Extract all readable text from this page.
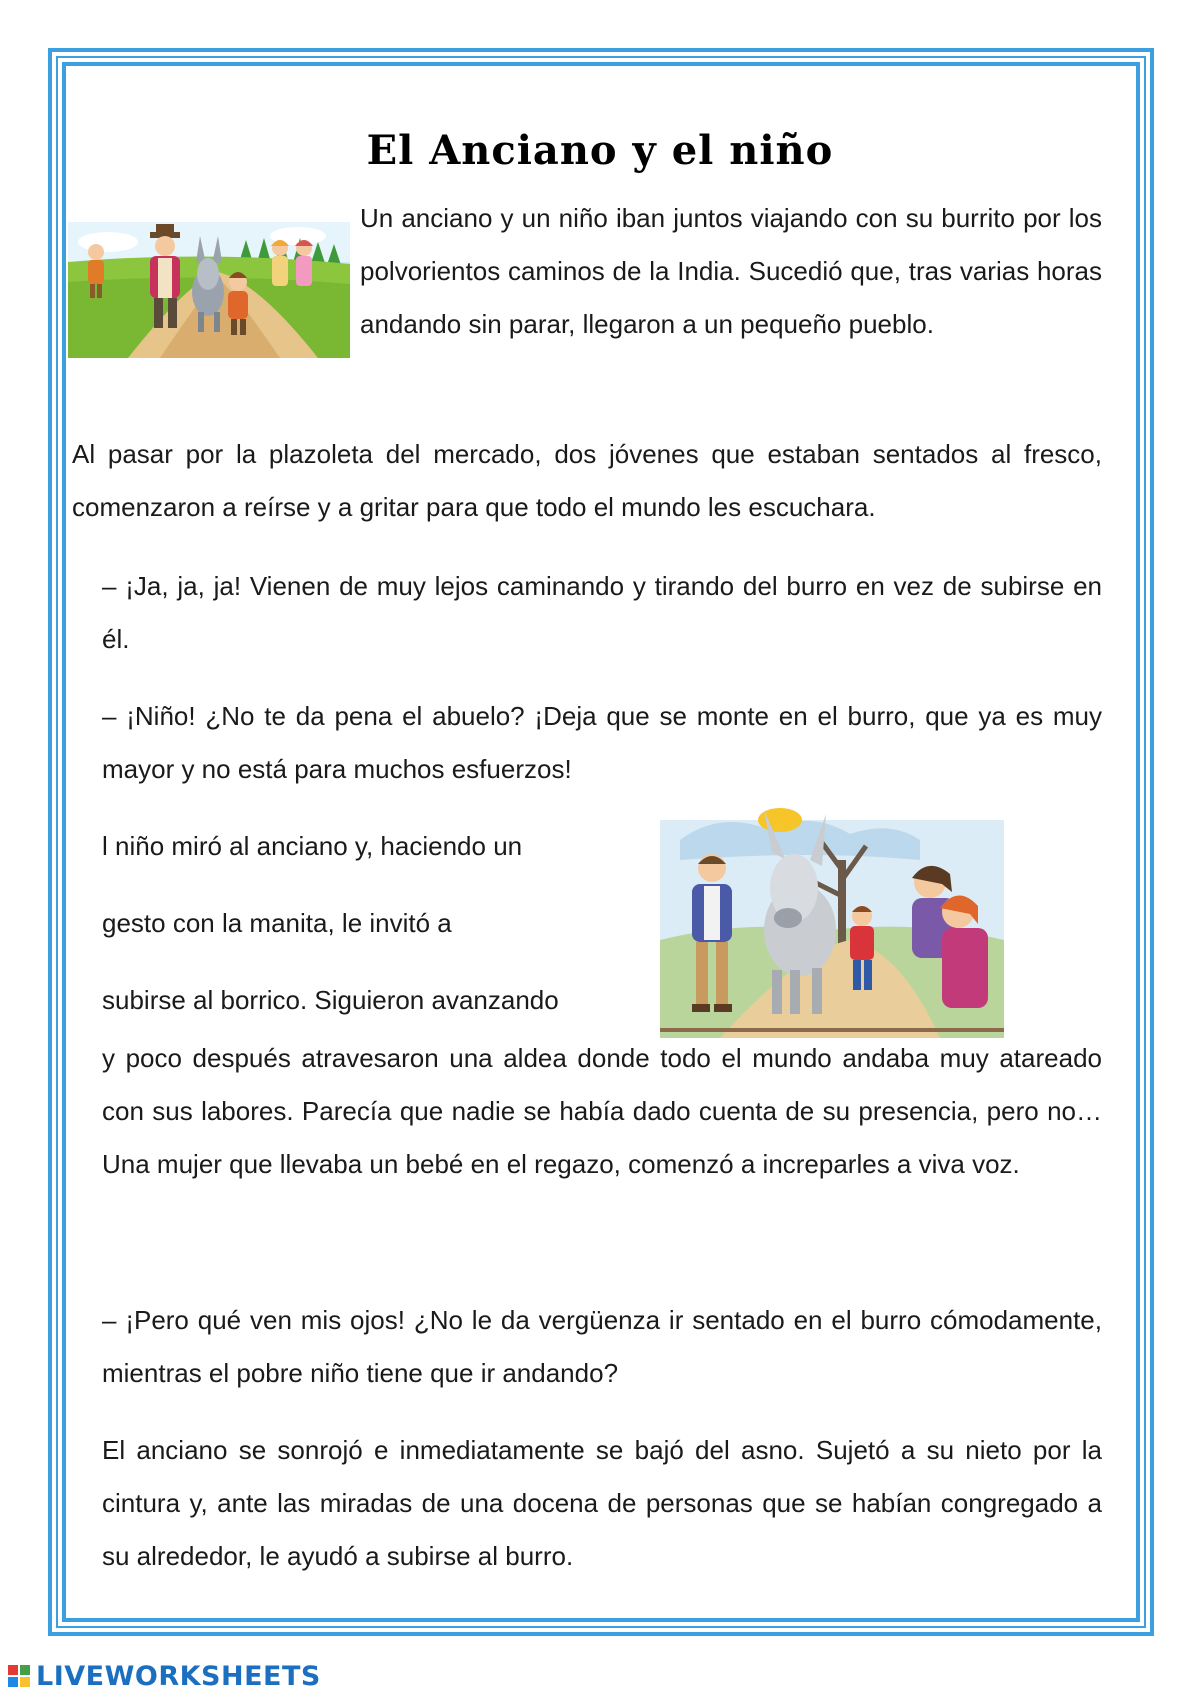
El Anciano y el niño

Un anciano y un niño iban juntos viajando con su burrito por los polvorientos caminos de la India. Sucedió que, tras varias horas andando sin parar, llegaron a un pequeño pueblo.

Al pasar por la plazoleta del mercado, dos jóvenes que estaban sentados al fresco, comenzaron a reírse y a gritar para que todo el mundo les escuchara.

– ¡Ja, ja, ja! Vienen de muy lejos caminando y tirando del burro en vez de subirse en él.

– ¡Niño! ¿No te da pena el abuelo? ¡Deja que se monte en el burro, que ya es muy mayor y no está para muchos esfuerzos!

l niño miró al anciano y, haciendo un

gesto con la manita, le invitó a

subirse al borrico. Siguieron avanzando

y poco después atravesaron una aldea donde todo el mundo andaba muy atareado con sus labores. Parecía que nadie se había dado cuenta de su presencia, pero no… Una mujer que llevaba un bebé en el regazo, comenzó a increparles a viva voz.

– ¡Pero qué ven mis ojos! ¿No le da vergüenza ir sentado en el burro cómodamente, mientras el pobre niño tiene que ir andando?

El anciano se sonrojó e inmediatamente se bajó del asno. Sujetó a su nieto por la cintura y, ante las miradas de una docena de personas que se habían congregado a su alrededor, le ayudó a subirse al burro.

LIVEWORKSHEETS
